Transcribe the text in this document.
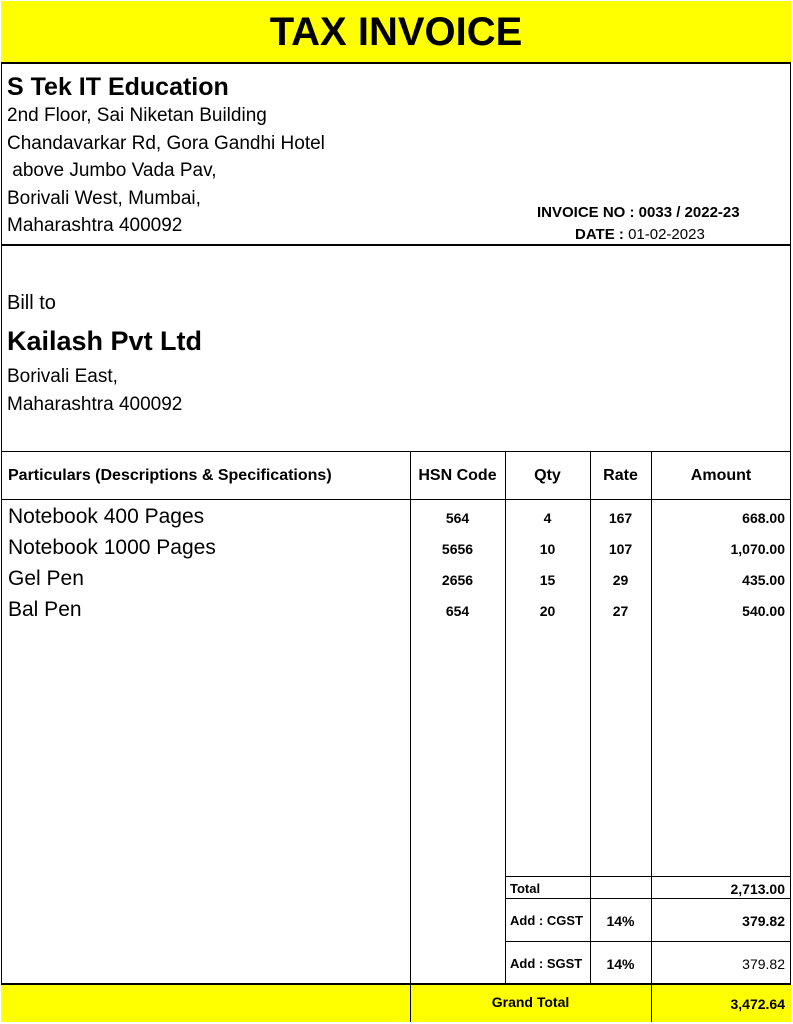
TAX INVOICE
S Tek IT Education
2nd Floor, Sai Niketan Building
Chandavarkar Rd, Gora Gandhi Hotel
above Jumbo Vada Pav,
Borivali West, Mumbai,
Maharashtra 400092
INVOICE NO : 0033 / 2022-23
DATE : 01-02-2023
Bill to
Kailash Pvt Ltd
Borivali East,
Maharashtra 400092
Particulars (Descriptions & Specifications)	HSN Code	Qty	Rate	Amount
Notebook 400 Pages	564	4	167	668.00
Notebook 1000 Pages	5656	10	107	1,070.00
Gel Pen	2656	15	29	435.00
Bal Pen	654	20	27	540.00
Total	2,713.00
Add : CGST	14%	379.82
Add : SGST	14%	379.82
Grand Total	3,472.64
